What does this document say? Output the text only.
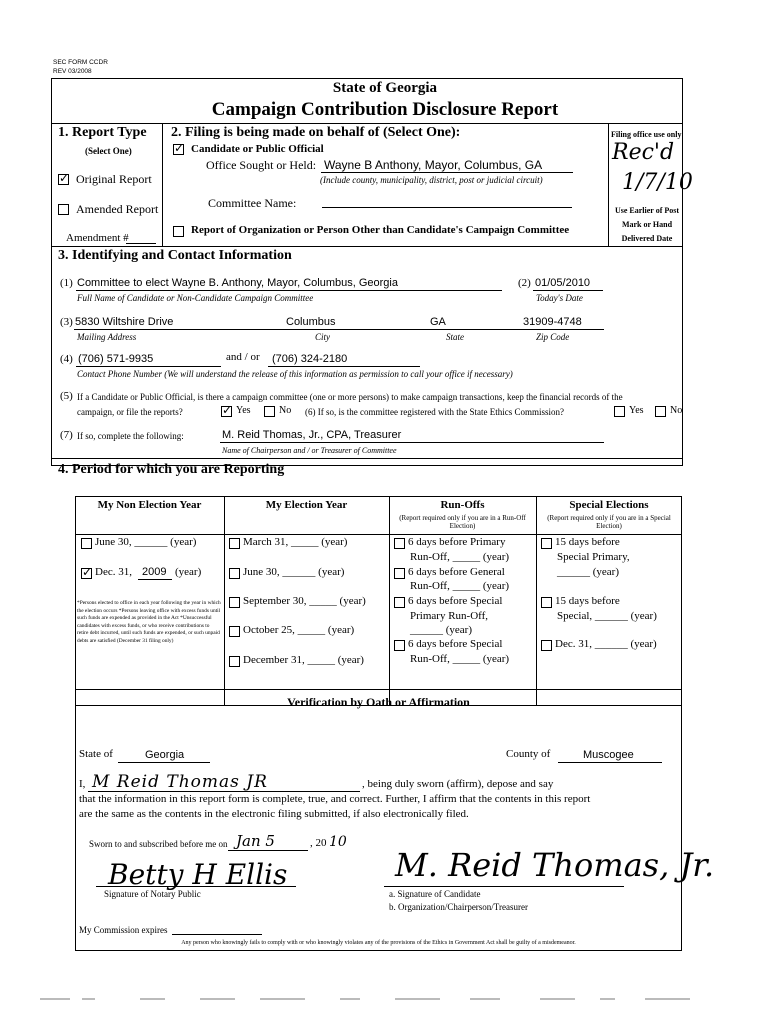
SEC FORM CCDR
REV 03/2008
State of Georgia
Campaign Contribution Disclosure Report
1. Report Type
(Select One)
✓
Original Report
Amended Report
Amendment #
2. Filing is being made on behalf of (Select One):
✓
Candidate or Public Official
Office Sought or Held: Wayne B Anthony, Mayor, Columbus, GA
(Include county, municipality, district, post or judicial circuit)
Committee Name:
Report of Organization or Person Other than Candidate's Campaign Committee
Filing office use only
Rec'd
1/7/10
Use Earlier of Post
Mark or Hand
Delivered Date
3. Identifying and Contact Information
(1) Committee to elect Wayne B. Anthony, Mayor, Columbus, Georgia
Full Name of Candidate or Non-Candidate Campaign Committee
(2) 01/05/2010
Today's Date
(3) 5830 Wiltshire Drive	Columbus	GA	31909-4748
Mailing Address	City	State	Zip Code
(4) (706) 571-9935	and / or (706) 324-2180
Contact Phone Number (We will understand the release of this information as permission to call your office if necessary)
(5) If a Candidate or Public Official, is there a campaign committee (one or more persons) to make campaign transactions, keep the financial records of the
campaign, or file the reports?
✓	Yes	No (6) If so, is the committee registered with the State Ethics Commission?	Yes	No
(7) If so, complete the following:	M. Reid Thomas, Jr., CPA, Treasurer
Name of Chairperson and / or Treasurer of Committee
4. Period for which you are Reporting
My Non Election Year	My Election Year	Run-Offs
(Report required only if you are in a Run-Off Election)
Special Elections
(Report required only if you are in a Special Election)
June 30, ______ (year)
✓
Dec. 31, 2009 (year)
*Persons elected to office in each year following the year in which the election occurs *Persons leaving office with excess funds until such funds are expended as provided in the Act *Unsuccessful candidates with excess funds, or who receive contributions to retire debt incurred, until such funds are expended, or such unpaid debts are satisfied (December 31 filing only)
March 31, _____ (year)
June 30, ______ (year)
September 30, _____ (year)
October 25, _____ (year)
December 31, _____ (year)
6 days before Primary
Run-Off, _____ (year)
6 days before General
Run-Off, _____ (year)
6 days before Special
Primary Run-Off,
______ (year)
6 days before Special
Run-Off, _____ (year)
15 days before
Special Primary,
______ (year)
15 days before
Special, ______ (year)
Dec. 31, ______ (year)
Verification by Oath or Affirmation
State of	Georgia	County of	Muscogee
I, M Reid Thomas JR	, being duly sworn (affirm), depose and say
that the information in this report form is complete, true, and correct. Further, I affirm that the contents in this report
are the same as the contents in the electronic filing submitted, if also electronically filed.
Sworn to and subscribed before me on Jan 5	, 20 10
Betty H Ellis
Signature of Notary Public
M. Reid Thomas, Jr.
a. Signature of Candidate
b. Organization/Chairperson/Treasurer
My Commission expires
Any person who knowingly fails to comply with or who knowingly violates any of the provisions of the Ethics in Government Act shall be guilty of a misdemeanor.
